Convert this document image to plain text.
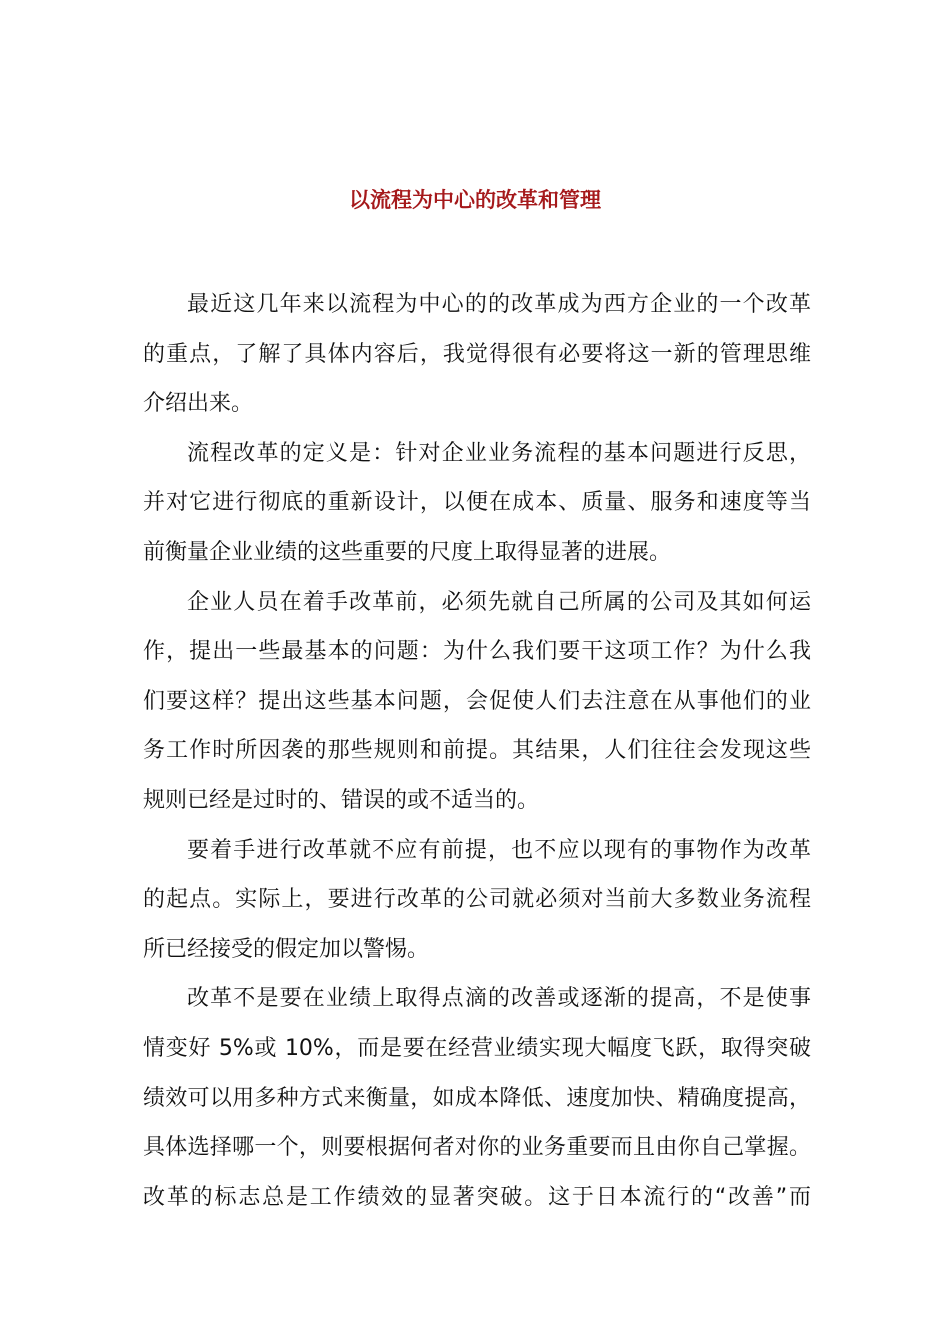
以流程为中心的改革和管理
最近这几年来以流程为中心的的改革成为西方企业的一个改革
的重点，了解了具体内容后，我觉得很有必要将这一新的管理思维
介绍出来。
流程改革的定义是：针对企业业务流程的基本问题进行反思，
并对它进行彻底的重新设计，以便在成本、质量、服务和速度等当
前衡量企业业绩的这些重要的尺度上取得显著的进展。
企业人员在着手改革前，必须先就自己所属的公司及其如何运
作，提出一些最基本的问题：为什么我们要干这项工作？为什么我
们要这样？提出这些基本问题，会促使人们去注意在从事他们的业
务工作时所因袭的那些规则和前提。其结果，人们往往会发现这些
规则已经是过时的、错误的或不适当的。
要着手进行改革就不应有前提，也不应以现有的事物作为改革
的起点。实际上，要进行改革的公司就必须对当前大多数业务流程
所已经接受的假定加以警惕。
改革不是要在业绩上取得点滴的改善或逐渐的提高，不是使事
情变好 5%或 10%，而是要在经营业绩实现大幅度飞跃，取得突破
绩效可以用多种方式来衡量，如成本降低、速度加快、精确度提高，
具体选择哪一个，则要根据何者对你的业务重要而且由你自己掌握。
改革的标志总是工作绩效的显著突破。这于日本流行的“改善”而
